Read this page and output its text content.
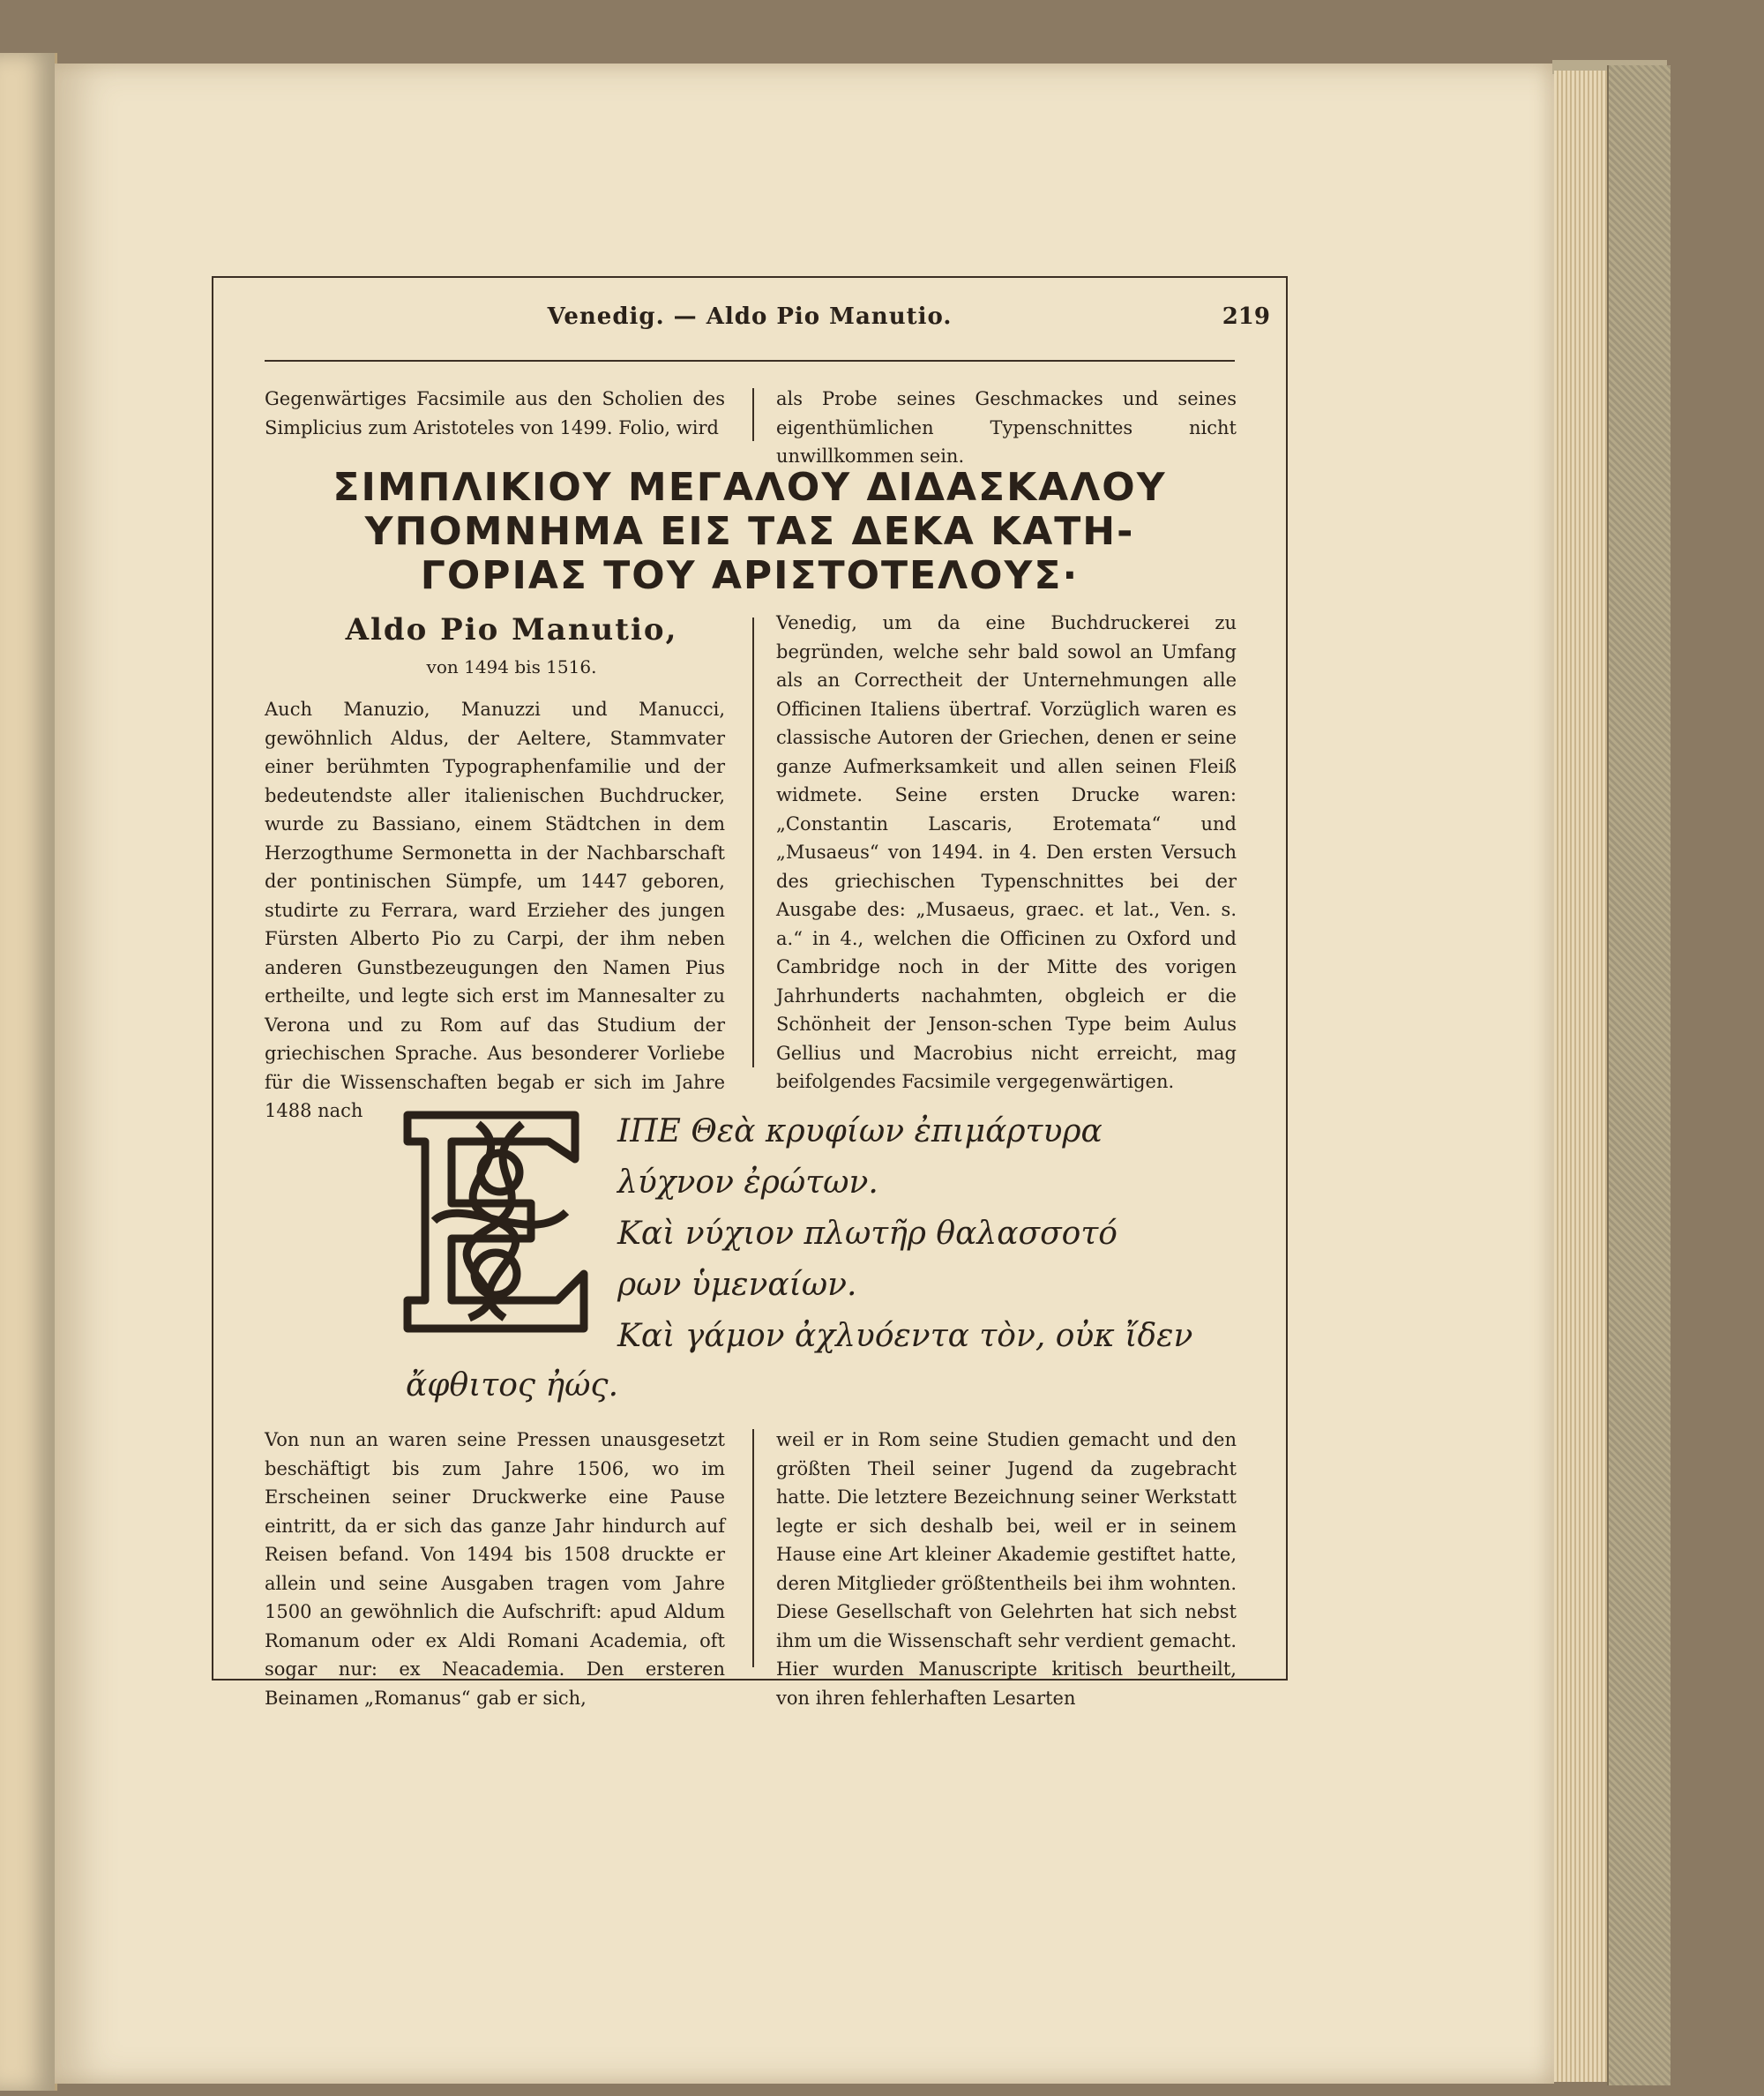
Venedig. — Aldo Pio Manutio.	219

Gegenwärtiges Facsimile aus den Scholien des Simplicius zum Aristoteles von 1499. Folio, wird

als Probe seines Geschmackes und seines eigenthümlichen Typenschnittes nicht unwillkommen sein.

ΣΙΜΠΛΙΚΙΟΥ ΜΕΓΑΛΟΥ ΔΙΔΑΣΚΑΛΟΥ
ΥΠΟΜΝΗΜΑ ΕΙΣ ΤΑΣ ΔΕΚΑ ΚΑΤΗ-
ΓΟΡΙΑΣ ΤΟΥ ΑΡΙΣΤΟΤΕΛΟΥΣ·
Aldo Pio Manutio,
von 1494 bis 1516.

Auch Manuzio, Manuzzi und Manucci, gewöhnlich Aldus, der Aeltere, Stammvater einer berühmten Typographenfamilie und der bedeutendste aller italienischen Buchdrucker, wurde zu Bassiano, einem Städtchen in dem Herzogthume Sermonetta in der Nachbarschaft der pontinischen Sümpfe, um 1447 geboren, studirte zu Ferrara, ward Erzieher des jungen Fürsten Alberto Pio zu Carpi, der ihm neben anderen Gunstbezeugungen den Namen Pius ertheilte, und legte sich erst im Mannesalter zu Verona und zu Rom auf das Studium der griechischen Sprache. Aus besonderer Vorliebe für die Wissenschaften begab er sich im Jahre 1488 nach

Venedig, um da eine Buchdruckerei zu begründen, welche sehr bald sowol an Umfang als an Correctheit der Unternehmungen alle Officinen Italiens übertraf. Vorzüglich waren es classische Autoren der Griechen, denen er seine ganze Aufmerksamkeit und allen seinen Fleiß widmete. Seine ersten Drucke waren: „Constantin Lascaris, Erotemata“ und „Musaeus“ von 1494. in 4. Den ersten Versuch des griechischen Typenschnittes bei der Ausgabe des: „Musaeus, graec. et lat., Ven. s. a.“ in 4., welchen die Officinen zu Oxford und Cambridge noch in der Mitte des vorigen Jahrhunderts nachahmten, obgleich er die Schönheit der Jenson-schen Type beim Aulus Gellius und Macrobius nicht erreicht, mag beifolgendes Facsimile vergegenwärtigen.

ΙΠΕ Θεὰ κρυφίων ἐπιμάρτυρα
λύχνον ἐρώτων.
Καὶ νύχιον πλωτῆρ θαλασσοτό
ρων ὑμεναίων.
Καὶ γάμον ἀχλυόεντα τὸν, οὐκ ἴδεν
ἄφθιτος ἠώς.

Von nun an waren seine Pressen unausgesetzt beschäftigt bis zum Jahre 1506, wo im Erscheinen seiner Druckwerke eine Pause eintritt, da er sich das ganze Jahr hindurch auf Reisen befand. Von 1494 bis 1508 druckte er allein und seine Ausgaben tragen vom Jahre 1500 an gewöhnlich die Aufschrift: apud Aldum Romanum oder ex Aldi Romani Academia, oft sogar nur: ex Neacademia. Den ersteren Beinamen „Romanus“ gab er sich,

weil er in Rom seine Studien gemacht und den größten Theil seiner Jugend da zugebracht hatte. Die letztere Bezeichnung seiner Werkstatt legte er sich deshalb bei, weil er in seinem Hause eine Art kleiner Akademie gestiftet hatte, deren Mitglieder größtentheils bei ihm wohnten. Diese Gesellschaft von Gelehrten hat sich nebst ihm um die Wissenschaft sehr verdient gemacht. Hier wurden Manuscripte kritisch beurtheilt, von ihren fehlerhaften Lesarten
